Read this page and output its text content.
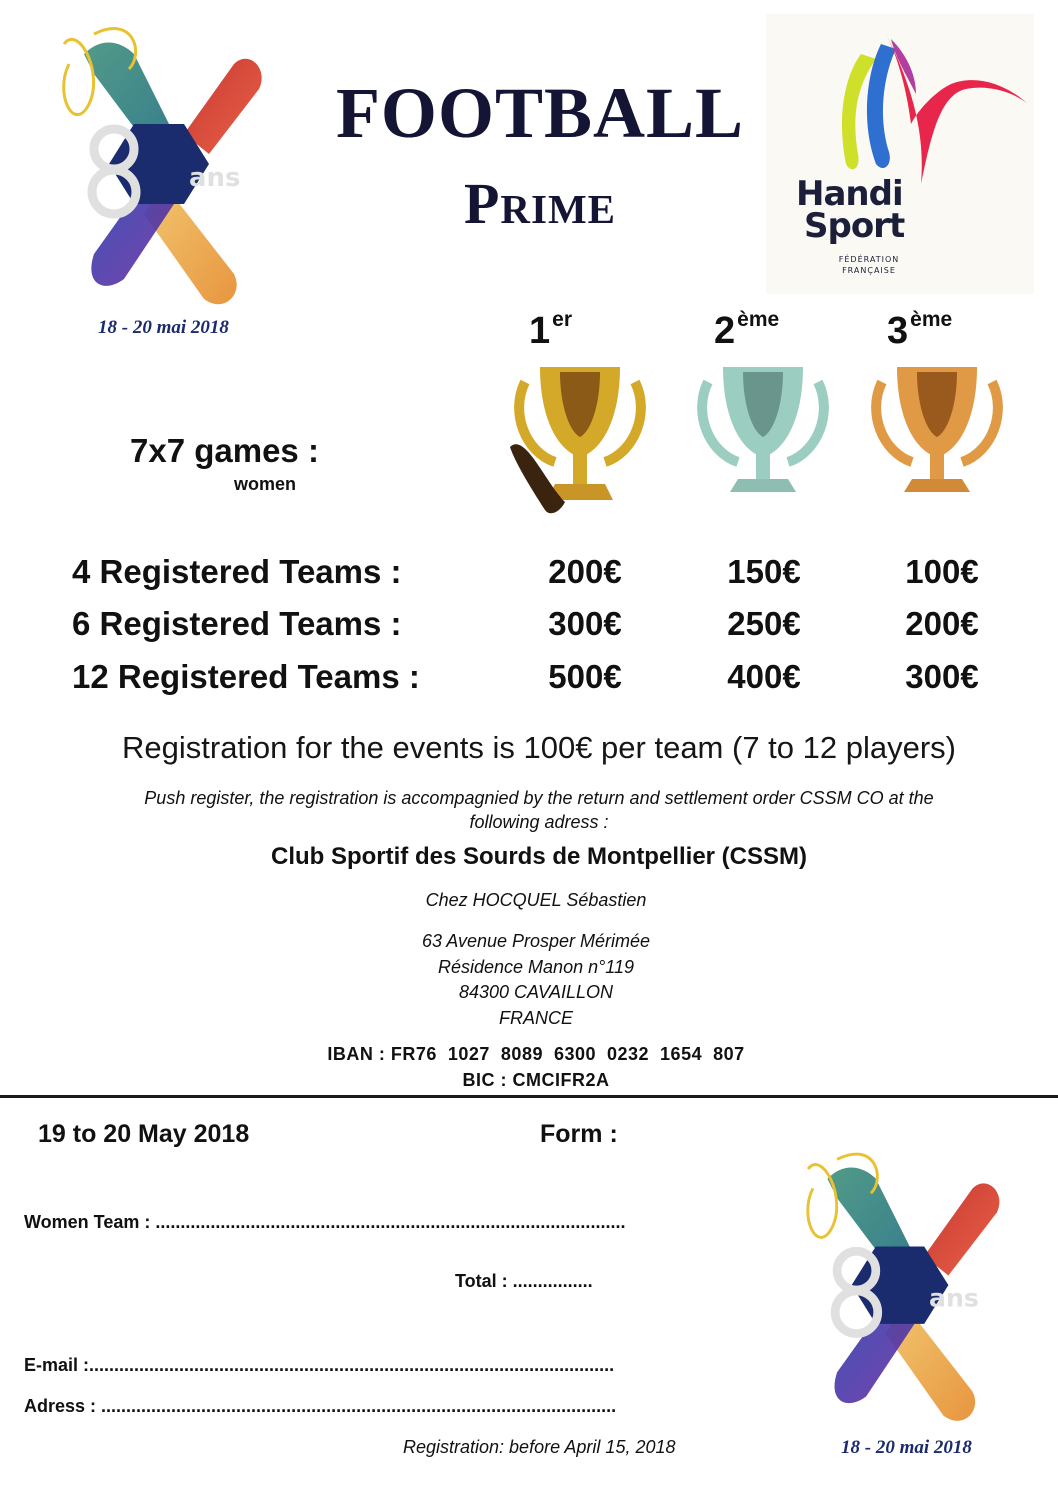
ans
18 - 20 mai 2018
Handi
Sport
FÉDÉRATION
FRANÇAISE
FOOTBALL
Prime
1er	2ème	3ème
7x7 games :
women
4 Registered Teams :	200€	150€	100€
6 Registered Teams :	300€	250€	200€
12 Registered Teams :	500€	400€	300€
Registration for the events is 100€ per team (7 to 12 players)
Push register, the registration is accompagnied by the return and settlement order CSSM CO at the
following adress :
Club Sportif des Sourds de Montpellier (CSSM)
Chez HOCQUEL Sébastien
63 Avenue Prosper Mérimée
Résidence Manon n°119
84300 CAVAILLON
FRANCE
IBAN : FR76  1027  8089  6300  0232  1654  807
BIC : CMCIFR2A
19 to 20 May 2018	Form :
Women Team : ..............................................................................................
Total : ................
E-mail :.........................................................................................................
Adress : .......................................................................................................
Registration: before April 15, 2018
ans
18 - 20 mai 2018
